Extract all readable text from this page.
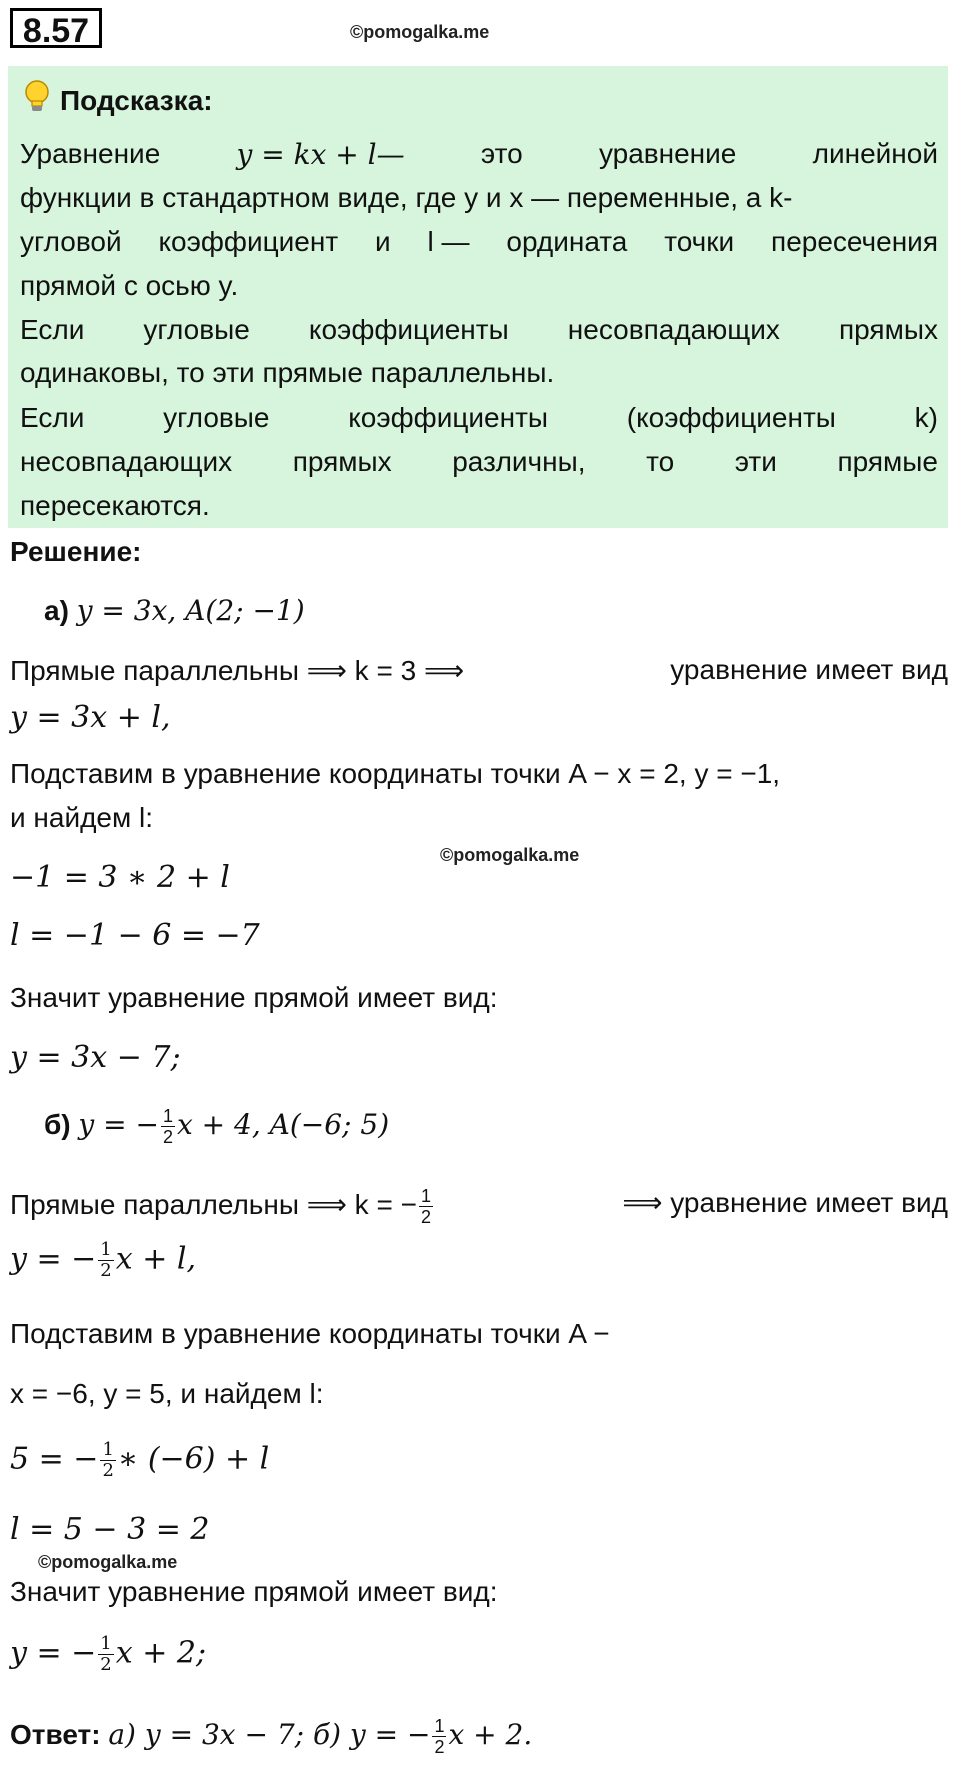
8.57	©pomogalka.me
Подсказка:
Уравнение	y = kx + l—	это	уравнение	линейной
функции в стандартном виде, где y и x — переменные, а k-
угловой коэффициент и l — ордината точки пересечения
прямой с осью y.
Если угловые коэффициенты несовпадающих прямых
одинаковы, то эти прямые параллельны.
Если	угловые	коэффициенты	(коэффициенты	k)
несовпадающих прямых различны, то эти прямые
пересекаются.
Решение:
а) y = 3x, A(2; −1)
Прямые параллельны ⟹ k = 3 ⟹	уравнение имеет вид
y = 3x + l,
Подставим в уравнение координаты точки A − x = 2, y = −1,
и найдем l:
©pomogalka.me
−1 = 3 ∗ 2 + l
l = −1 − 6 = −7
Значит уравнение прямой имеет вид:
y = 3x − 7;
б) y = − $\frac{1}{2}$ x + 4, A(−6; 5)
Прямые параллельны ⟹ k = − $\frac{1}{2}$	⟹ уравнение имеет вид
y = − $\frac{1}{2}$ x + l,
Подставим в уравнение координаты точки A −
x = −6, y = 5, и найдем l:
5 = − $\frac{1}{2}$ ∗ (−6) + l
l = 5 − 3 = 2
©pomogalka.me
Значит уравнение прямой имеет вид:
y = − $\frac{1}{2}$ x + 2;
Ответ: а) y = 3x − 7; б) y = − $\frac{1}{2}$ x + 2.
